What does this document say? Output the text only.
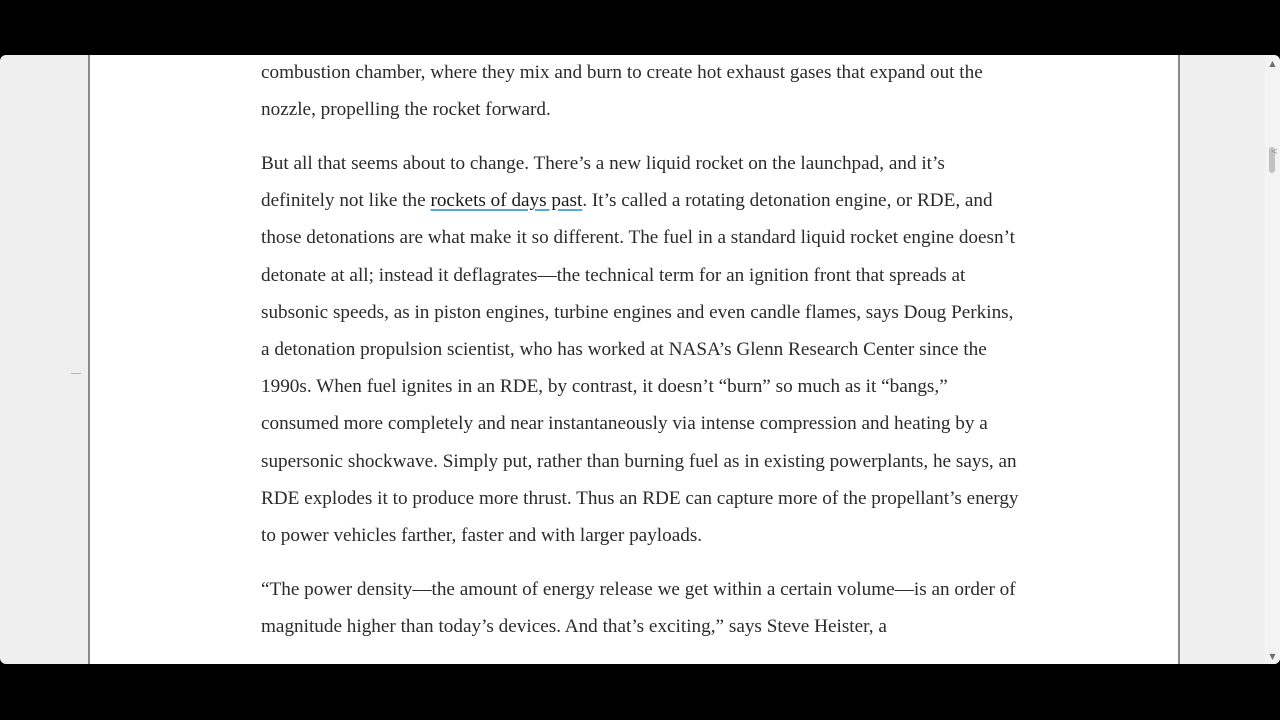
combustion chamber, where they mix and burn to create hot exhaust gases that expand out the nozzle, propelling the rocket forward.

But all that seems about to change. There’s a new liquid rocket on the launchpad, and it’s definitely not like the rockets of days past. It’s called a rotating detonation engine, or RDE, and those detonations are what make it so different. The fuel in a standard liquid rocket engine doesn’t detonate at all; instead it deflagrates—the technical term for an ignition front that spreads at subsonic speeds, as in piston engines, turbine engines and even candle flames, says Doug Perkins, a detonation propulsion scientist, who has worked at NASA’s Glenn Research Center since the 1990s. When fuel ignites in an RDE, by contrast, it doesn’t “burn” so much as it “bangs,” consumed more completely and near instantaneously via intense compression and heating by a supersonic shockwave. Simply put, rather than burning fuel as in existing powerplants, he says, an RDE explodes it to produce more thrust. Thus an RDE can capture more of the propellant’s energy to power vehicles farther, faster and with larger payloads.

“The power density—the amount of energy release we get within a certain volume—is an order of magnitude higher than today’s devices. And that’s exciting,” says Steve Heister, a

▲
▼
<
